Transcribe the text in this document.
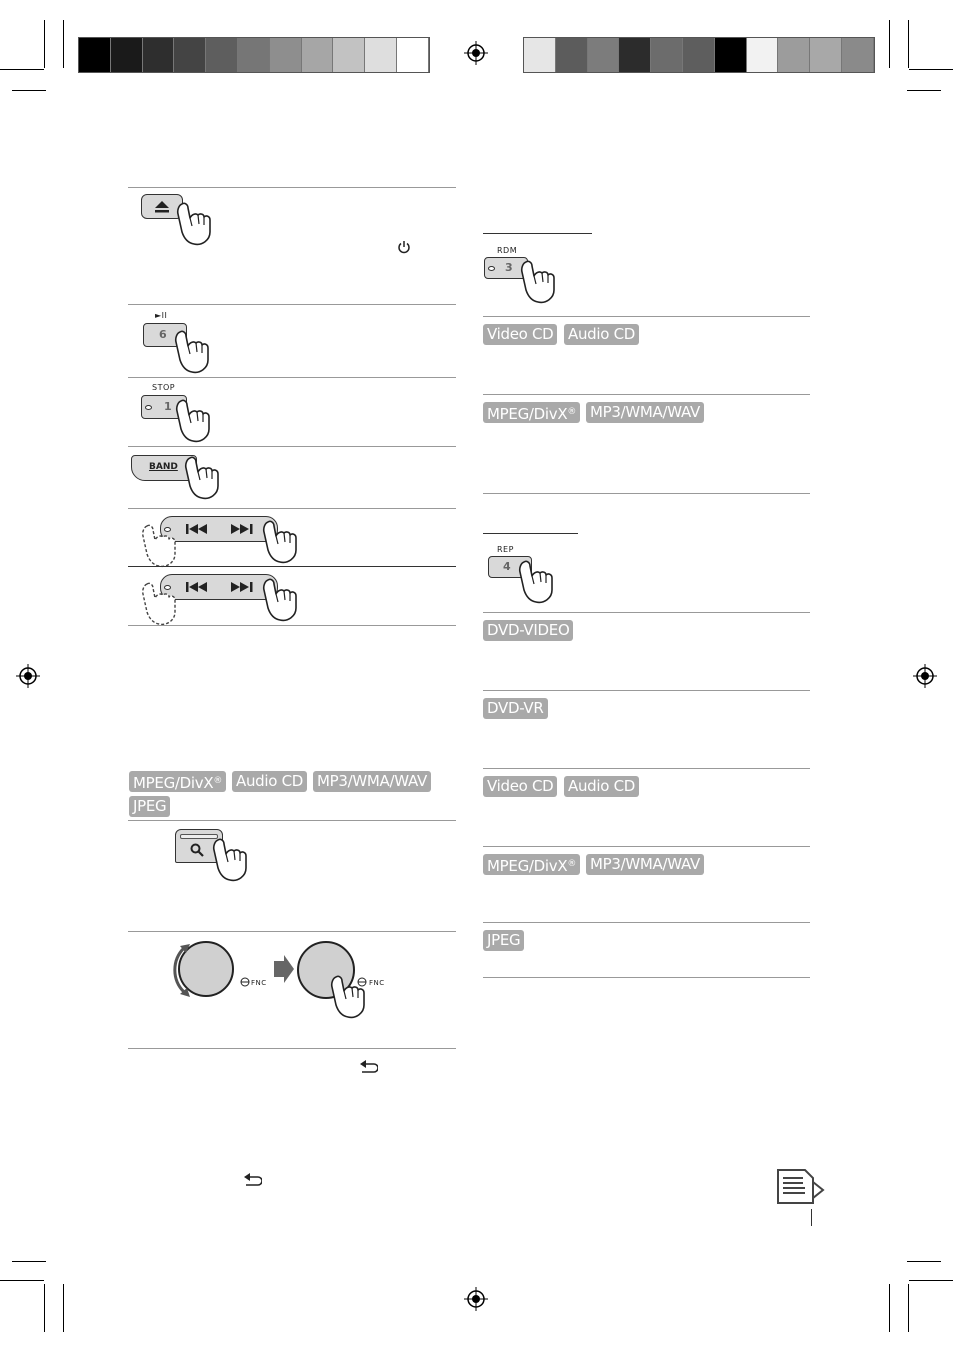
►II
6
STOP
1
BAND
MPEG/DivX® Audio CD MP3/WMA/WAV
JPEG
FNC	FNC
RDM
3
Video CD Audio CD
MPEG/DivX® MP3/WMA/WAV
REP
4
DVD-VIDEO
DVD-VR
Video CD Audio CD
MPEG/DivX® MP3/WMA/WAV
JPEG
